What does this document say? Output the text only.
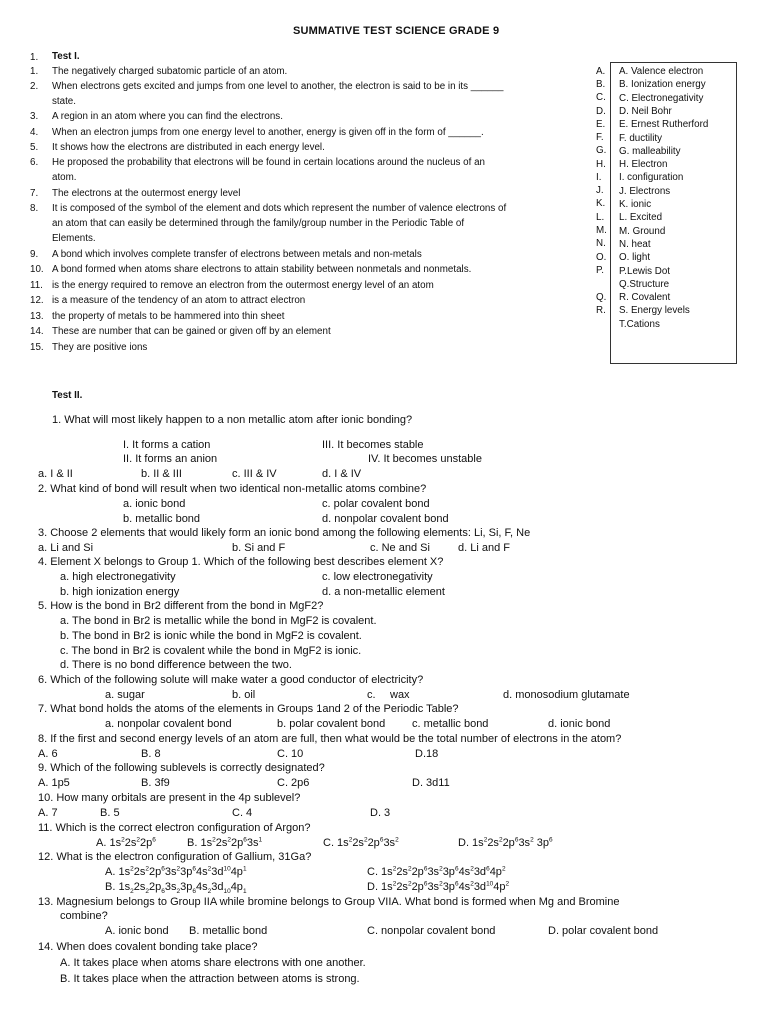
SUMMATIVE TEST SCIENCE GRADE 9
1. Test I.
1. The negatively charged subatomic particle of an atom.
2. When electrons gets excited and jumps from one level to another, the electron is said to be in its ______
state.
3. A region in an atom where you can find the electrons.
4. When an electron jumps from one energy level to another, energy is given off in the form of ______.
5. It shows how the electrons are distributed in each energy level.
6. He proposed the probability that electrons will be found in certain locations around the nucleus of an
atom.
7. The electrons at the outermost energy level
8. It is composed of the symbol of the element and dots which represent the number of valence electrons of
an atom that can easily be determined through the family/group number in the Periodic Table of
Elements.
9. A bond which involves complete transfer of electrons between metals and non-metals
10. A bond formed when atoms share electrons to attain stability between nonmetals and nonmetals.
11. is the energy required to remove an electron from the outermost energy level of an atom
12. is a measure of the tendency of an atom to attract electron
13. the property of metals to be hammered into thin sheet
14. These are number that can be gained or given off by an element
15. They are positive ions
A.
B.
C.
D.
E.
F.
G.
H.
I.
J.
K.
L.
M.
N.
O.
P.
Q.
R.
A. Valence electron
B. Ionization energy
C. Electronegativity
D. Neil Bohr
E. Ernest Rutherford
F. ductility
G. malleability
H. Electron
I. configuration
J. Electrons
K. ionic
L. Excited
M. Ground
N. heat
O. light
P.Lewis Dot
Q.Structure
R. Covalent
S. Energy levels
T.Cations
Test II.
1. What will most likely happen to a non metallic atom after ionic bonding?
I. It forms a cation	III. It becomes stable
II. It forms an anion	IV. It becomes unstable
a. I & II	b. II & III	c. III & IV	d. I & IV
2. What kind of bond will result when two identical non-metallic atoms combine?
a. ionic bond	c. polar covalent bond
b. metallic bond	d. nonpolar covalent bond
3. Choose 2 elements that would likely form an ionic bond among the following elements: Li, Si, F, Ne
a. Li and Si	b. Si and F	c. Ne and Si	d. Li and F
4. Element X belongs to Group 1. Which of the following best describes element X?
a. high electronegativity	c. low electronegativity
b. high ionization energy	d. a non-metallic element
5. How is the bond in Br2 different from the bond in MgF2?
a. The bond in Br2 is metallic while the bond in MgF2 is covalent.
b. The bond in Br2 is ionic while the bond in MgF2 is covalent.
c. The bond in Br2 is covalent while the bond in MgF2 is ionic.
d. There is no bond difference between the two.
6. Which of the following solute will make water a good conductor of electricity?
a. sugar	b. oil	c. wax	d. monosodium glutamate
7. What bond holds the atoms of the elements in Groups 1and 2 of the Periodic Table?
a. nonpolar covalent bond	b. polar covalent bond c. metallic bond	d. ionic bond
8. If the first and second energy levels of an atom are full, then what would be the total number of electrons in the atom?
A. 6	B. 8	C. 10	D.18
9. Which of the following sublevels is correctly designated?
A. 1p5	B. 3f9	C. 2p6	D. 3d11
10. How many orbitals are present in the 4p sublevel?
A. 7	B. 5	C. 4	D. 3
11. Which is the correct electron configuration of Argon?
A. $1s^22s^22p^6$	B. $1s^22s^22p^63s^1$	C. $1s^22s^22p^63s^2$	D. $1s^22s^22p^63s^2$ $3p^6$
12. What is the electron configuration of Gallium, 31Ga?
A. $1s^22s^22p^63s^23p^64s^23d^{10}4p^1$	C. $1s^22s^22p^63s^23p^64s^23d^64p^2$
B. $1s_22s_22p_63s_23p_64s_23d_{10}4p_1$	D. $1s^22s^22p^63s^23p^64s^23d^{10}4p^2$
13. Magnesium belongs to Group IIA while bromine belongs to Group VIIA. What bond is formed when Mg and Bromine
combine?
A. ionic bond B. metallic bond	C. nonpolar covalent bond	D. polar covalent bond
14. When does covalent bonding take place?
A. It takes place when atoms share electrons with one another.
B. It takes place when the attraction between atoms is strong.
